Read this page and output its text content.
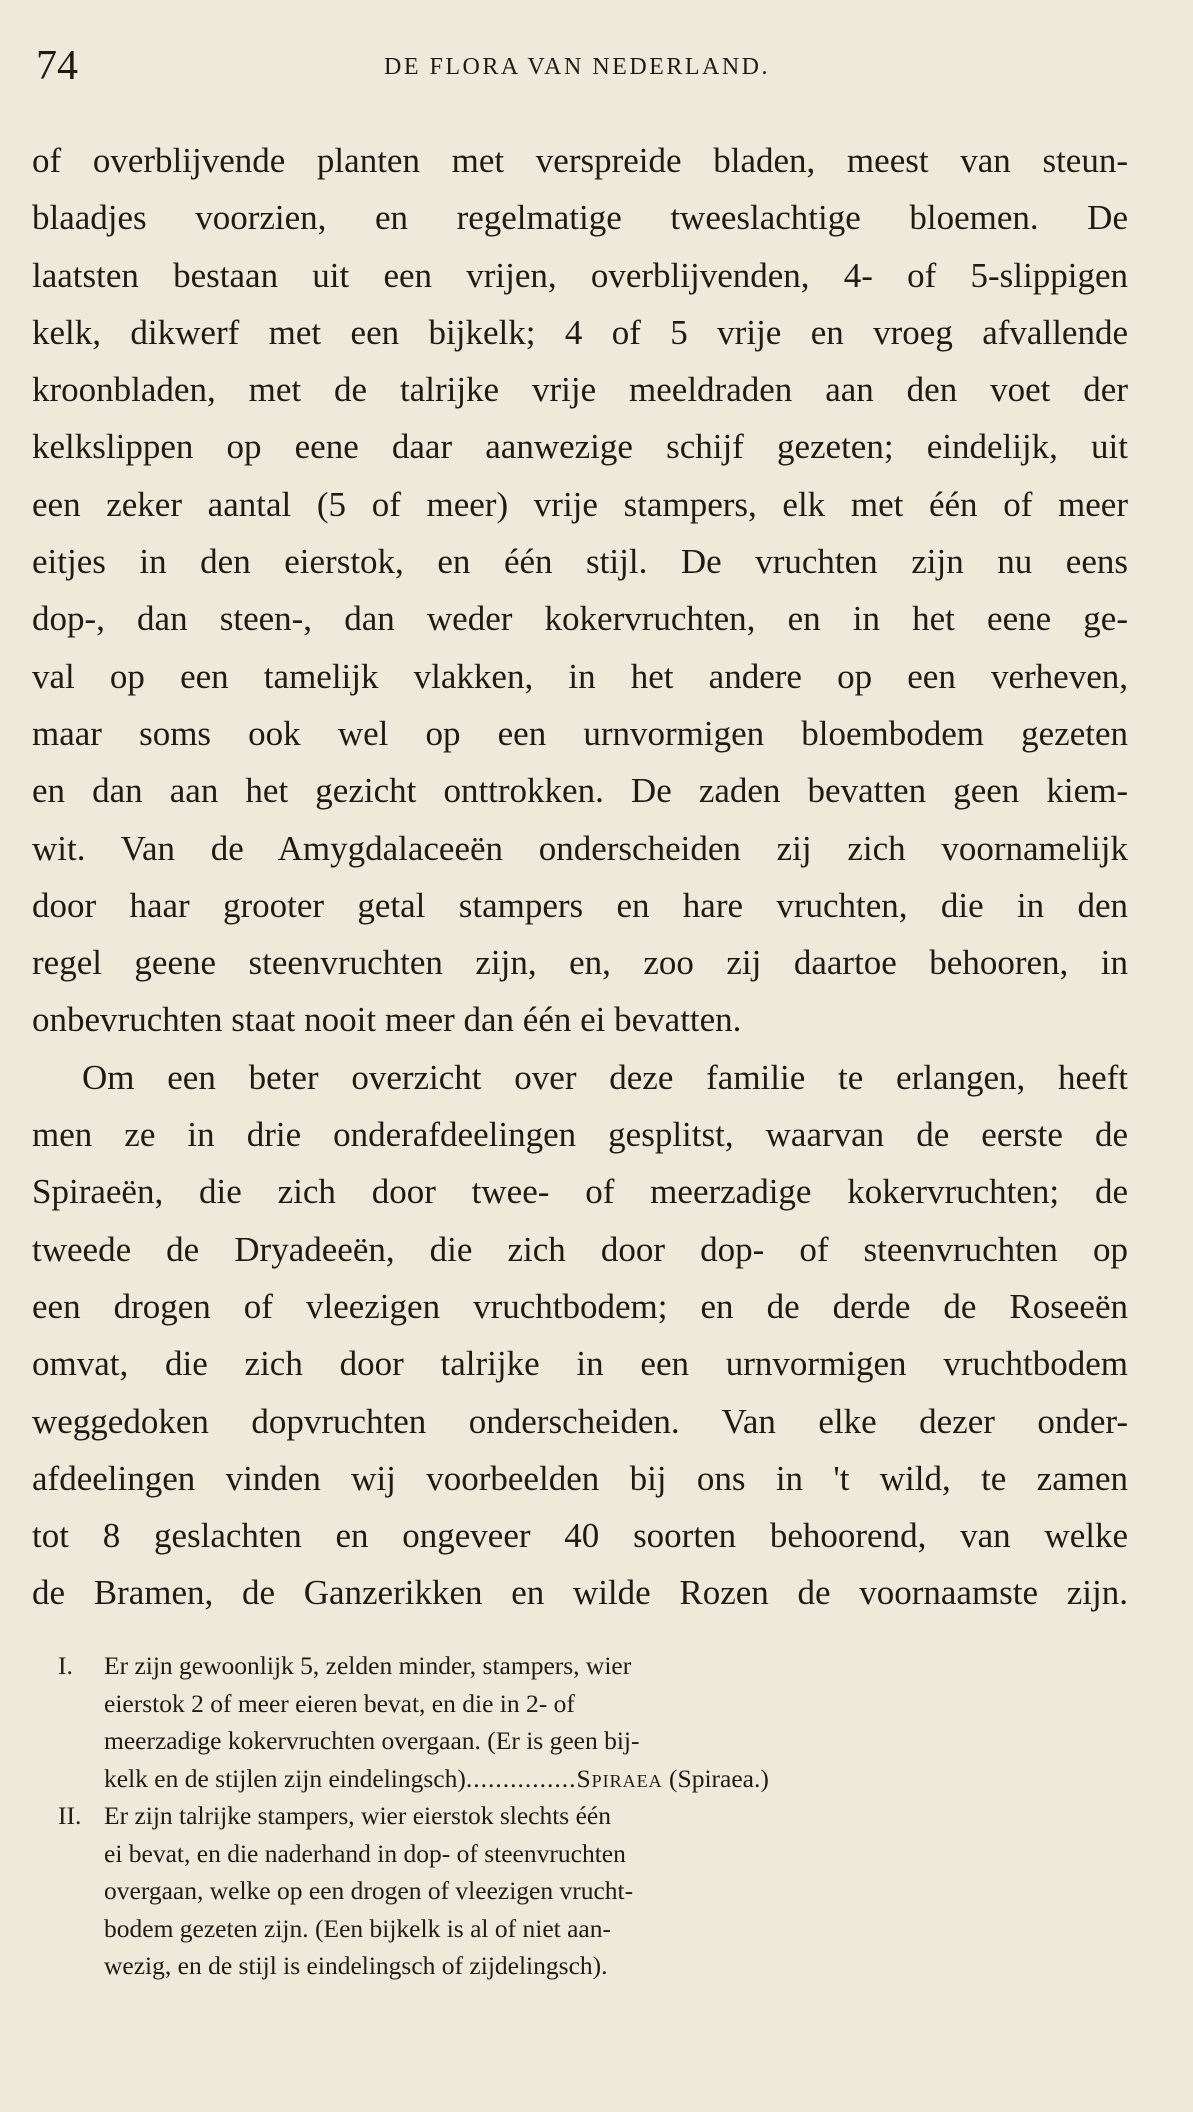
74	DE FLORA VAN NEDERLAND.

of overblijvende planten met verspreide bladen, meest van steun-

blaadjes voorzien, en regelmatige tweeslachtige bloemen. De

laatsten bestaan uit een vrijen, overblijvenden, 4- of 5-slippigen

kelk, dikwerf met een bijkelk; 4 of 5 vrije en vroeg afvallende

kroonbladen, met de talrijke vrije meeldraden aan den voet der

kelkslippen op eene daar aanwezige schijf gezeten; eindelijk, uit

een zeker aantal (5 of meer) vrije stampers, elk met één of meer

eitjes in den eierstok, en één stijl. De vruchten zijn nu eens

dop-, dan steen-, dan weder kokervruchten, en in het eene ge-

val op een tamelijk vlakken, in het andere op een verheven,

maar soms ook wel op een urnvormigen bloembodem gezeten

en dan aan het gezicht onttrokken. De zaden bevatten geen kiem-

wit. Van de Amygdalaceeën onderscheiden zij zich voornamelijk

door haar grooter getal stampers en hare vruchten, die in den

regel geene steenvruchten zijn, en, zoo zij daartoe behooren, in

onbevruchten staat nooit meer dan één ei bevatten.

Om een beter overzicht over deze familie te erlangen, heeft

men ze in drie onderafdeelingen gesplitst, waarvan de eerste de

Spiraeën, die zich door twee- of meerzadige kokervruchten; de

tweede de Dryadeeën, die zich door dop- of steenvruchten op

een drogen of vleezigen vruchtbodem; en de derde de Roseeën

omvat, die zich door talrijke in een urnvormigen vruchtbodem

weggedoken dopvruchten onderscheiden. Van elke dezer onder-

afdeelingen vinden wij voorbeelden bij ons in 't wild, te zamen

tot 8 geslachten en ongeveer 40 soorten behoorend, van welke

de Bramen, de Ganzerikken en wilde Rozen de voornaamste zijn.

I. Er zijn gewoonlijk 5, zelden minder, stampers, wier
eierstok 2 of meer eieren bevat, en die in 2- of
meerzadige kokervruchten overgaan. (Er is geen bij-
kelk en de stijlen zijn eindelingsch)...............Spiraea (Spiraea.)
II. Er zijn talrijke stampers, wier eierstok slechts één
ei bevat, en die naderhand in dop- of steenvruchten
overgaan, welke op een drogen of vleezigen vrucht-
bodem gezeten zijn. (Een bijkelk is al of niet aan-
wezig, en de stijl is eindelingsch of zijdelingsch).
